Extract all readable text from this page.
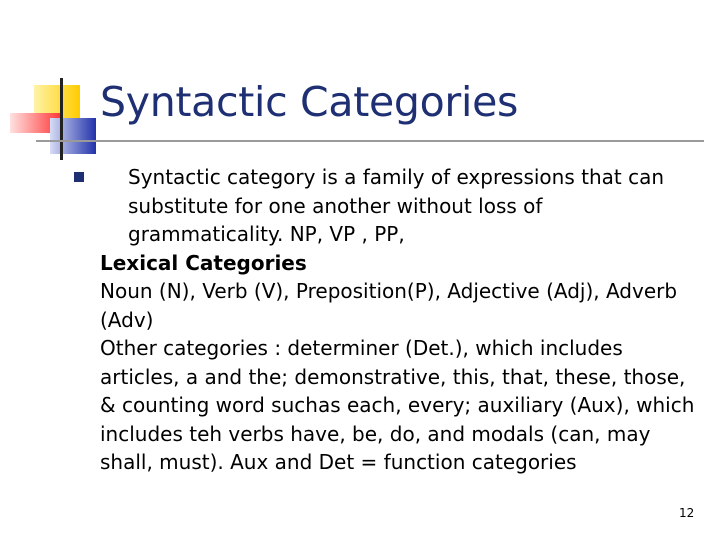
Syntactic Categories
Syntactic category is a family of expressions that can substitute for one another without loss of grammaticality. NP, VP , PP,
Lexical Categories
Noun (N), Verb (V), Preposition(P), Adjective (Adj), Adverb (Adv)
Other categories : determiner (Det.), which includes articles, a and the; demonstrative, this, that, these, those, & counting word suchas each, every; auxiliary (Aux), which includes teh verbs have, be, do, and modals (can, may shall, must). Aux and Det = function categories
12
